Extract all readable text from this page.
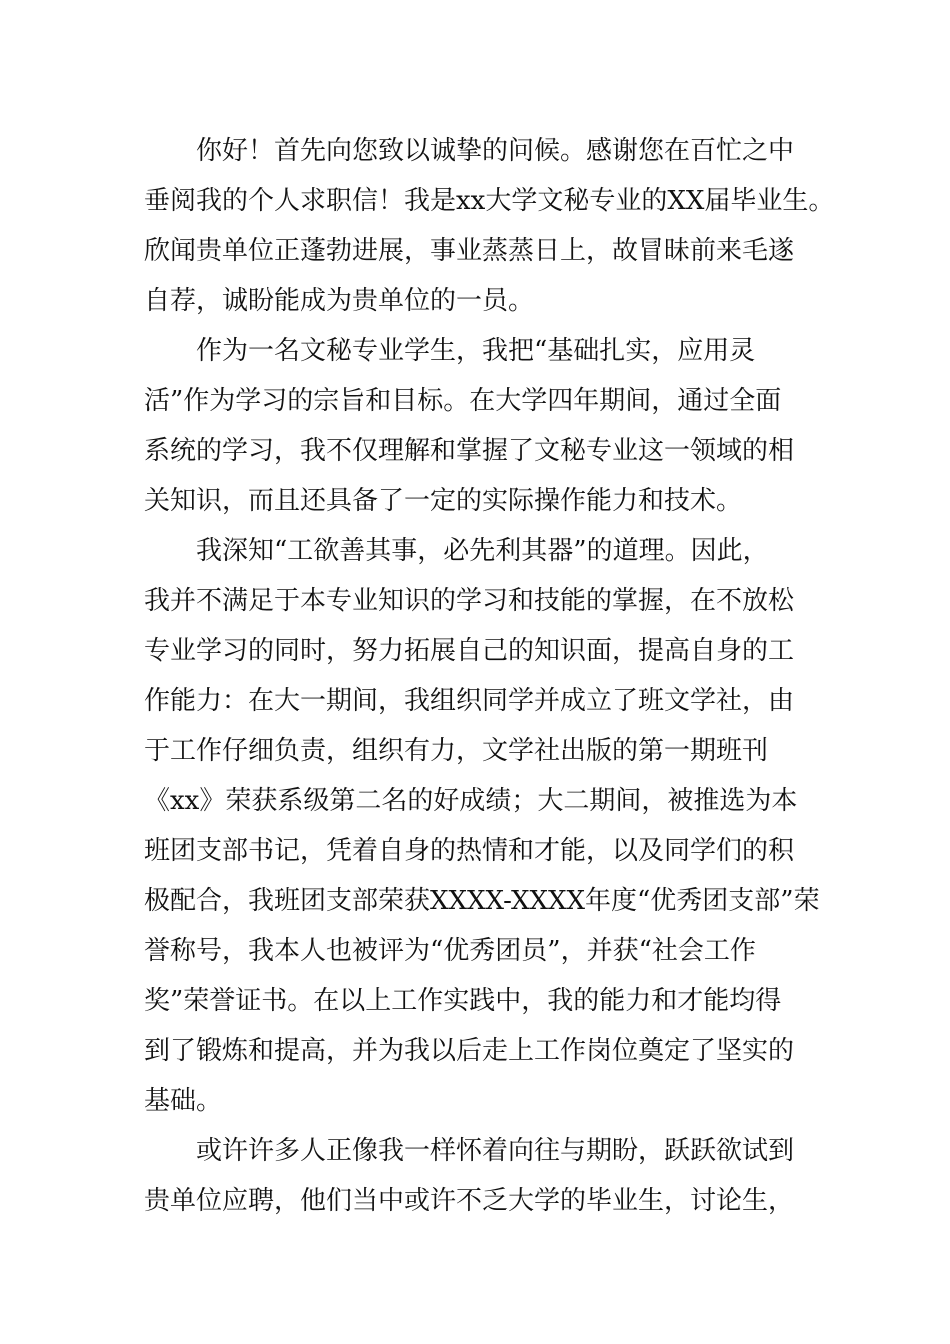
你好！首先向您致以诚挚的问候。感谢您在百忙之中
垂阅我的个人求职信！我是xx大学文秘专业的XX届毕业生。
欣闻贵单位正蓬勃进展，事业蒸蒸日上，故冒昧前来毛遂
自荐，诚盼能成为贵单位的一员。
作为一名文秘专业学生，我把“基础扎实，应用灵
活”作为学习的宗旨和目标。在大学四年期间，通过全面
系统的学习，我不仅理解和掌握了文秘专业这一领域的相
关知识，而且还具备了一定的实际操作能力和技术。
我深知“工欲善其事，必先利其器”的道理。因此，
我并不满足于本专业知识的学习和技能的掌握，在不放松
专业学习的同时，努力拓展自己的知识面，提高自身的工
作能力：在大一期间，我组织同学并成立了班文学社，由
于工作仔细负责，组织有力，文学社出版的第一期班刊
《xx》荣获系级第二名的好成绩；大二期间，被推选为本
班团支部书记，凭着自身的热情和才能，以及同学们的积
极配合，我班团支部荣获XXXX-XXXX年度“优秀团支部”荣
誉称号，我本人也被评为“优秀团员”，并获“社会工作
奖”荣誉证书。在以上工作实践中，我的能力和才能均得
到了锻炼和提高，并为我以后走上工作岗位奠定了坚实的
基础。
或许许多人正像我一样怀着向往与期盼，跃跃欲试到
贵单位应聘，他们当中或许不乏大学的毕业生，讨论生，
